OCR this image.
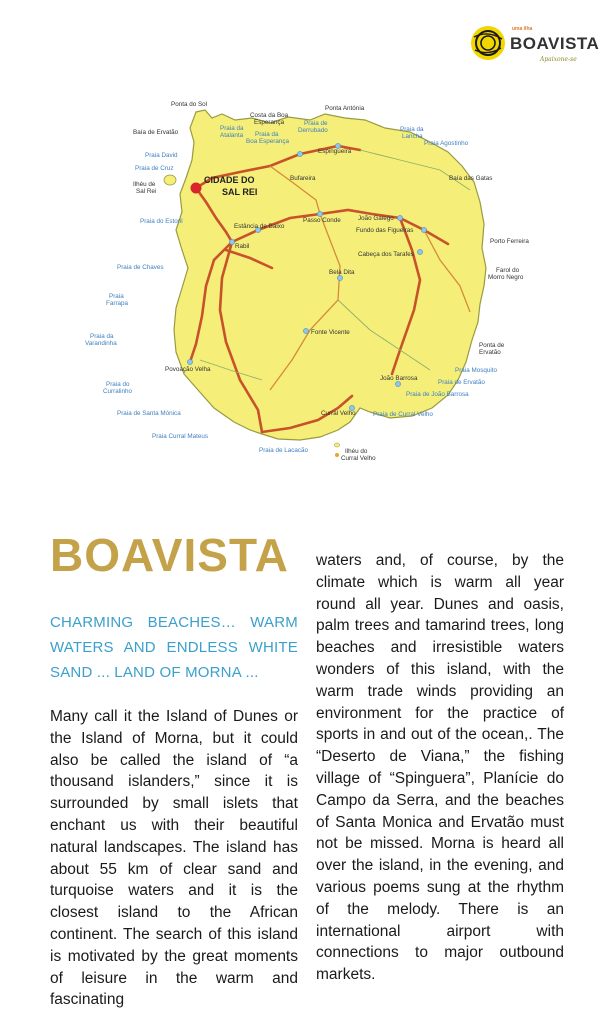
uma ilha
BOAVISTA
Apaixone-se
CIDADE DO
SAL REI
Ponta do Sol
Costa da Boa
Esperança
Ponta Antónia
Baía de Ervatão
Espingueira
Bufareira	Baía das Gatas
Ilhéu de
Sal Rei
Estância de Baixo
Passo Conde	João Galego
Fundo das Figueiras
Porto Ferreira
Rabil
Cabeça dos Tarafes
Bela Dita	Farol do
Morro Negro
Fonte Vicente
Ponta de
Ervatão
Povoação Velha
João Barrosa
Curral Velho
Ilhéu do
Curral Velho
Praia da
Atalanta Praia da
Boa Esperança
Praia de
Derrubado	Praia da
Lancha
Praia Agostinho
Praia David
Praia de Cruz
Praia do Estoril
Praia de Chaves
Praia
Farrapa
Praia da
Varandinha
Praia do
Curralinho
Praia Mosquito
Praia de Ervatão
Praia de João Barrosa
Praia de Santa Mónica	Praia de Curral Velho
Praia Curral Mateus
Praia de Lacacão
BOAVISTA
CHARMING BEACHES… WARM WATERS AND ENDLESS WHITE SAND ... LAND OF MORNA ...
Many call it the Island of Dunes or the Island of Morna, but it could also be called the island of “a thousand islanders,” since it is surrounded by small islets that enchant us with their beautiful natural landscapes. The island has about 55 km of clear sand and turquoise waters and it is the closest island to the African continent. The search of this island is motivated by the great moments of leisure in the warm and fascinating
waters and, of course, by the climate which is warm all year round all year. Dunes and oasis, palm trees and tamarind trees, long beaches and irresistible waters wonders of this island, with the warm trade winds providing an environment for the practice of sports in and out of the ocean,. The “Deserto de Viana,” the fishing village of “Spinguera”, Planície do Campo da Serra, and the beaches of Santa Monica and Ervatão must not be missed. Morna is heard all over the island, in the evening, and various poems sung at the rhythm of the melody. There is an international airport with connections to major outbound markets.
